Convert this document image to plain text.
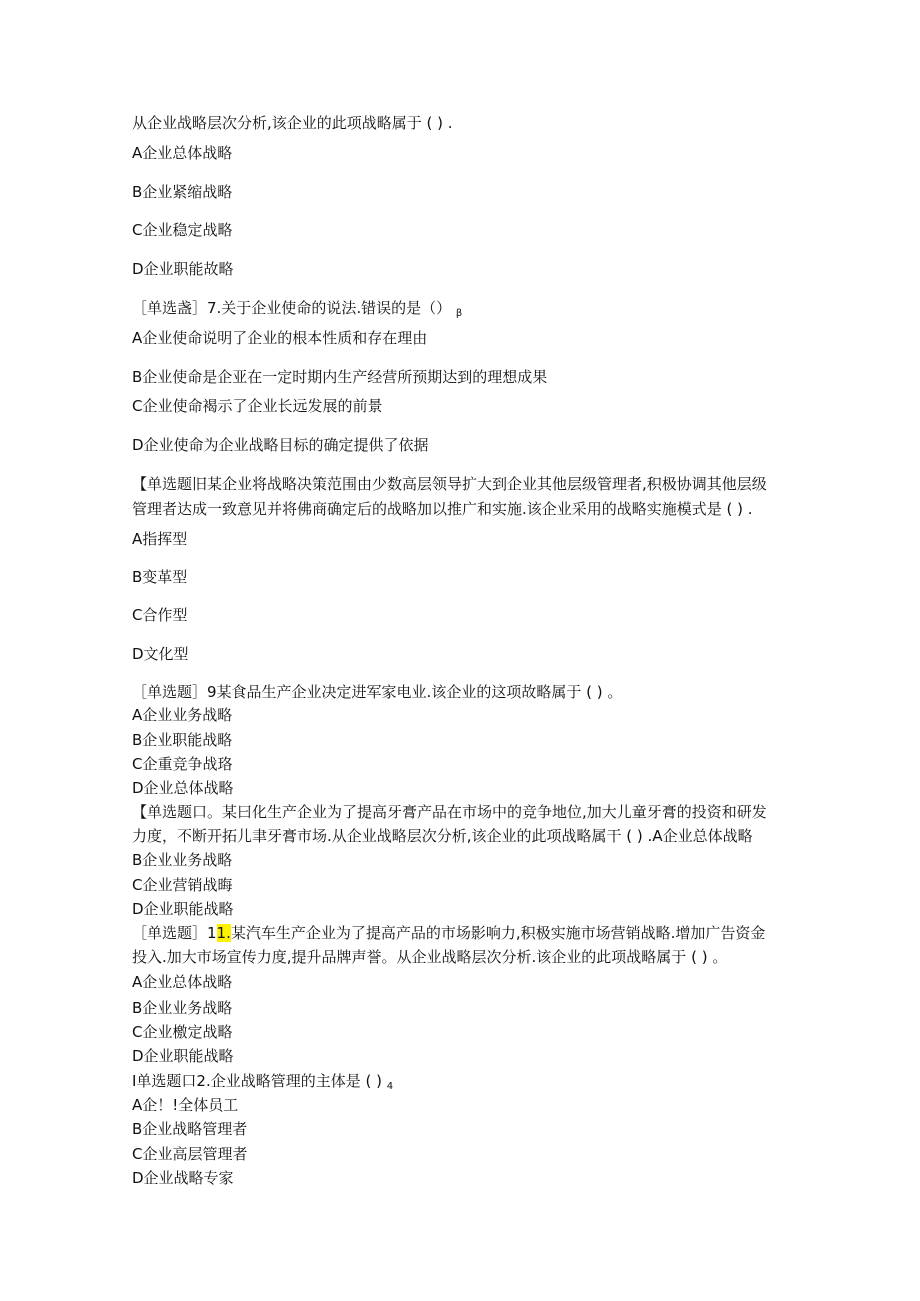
从企业战略层次分析,该企业的此项战略属于 ( ) .
A企业总体战略
B企业紧缩战略
C企业稳定战略
D企业职能故略
［单选盏］7.关于企业使命的说法.错误的是（） $_\beta$
A企业使命说明了企业的根本性质和存在理由
B企业使命是企亚在一定时期内生产经营所预期达到的理想成果
C企业使命褐示了企业长远发展的前景
D企业使命为企业战略目标的确定提供了依据
【单选题旧某企业将战略决策范围由少数高层领导扩大到企业其他层级管理者,积极协调其他层级
管理者达成一致意见并将佛商确定后的战略加以推广和实施.该企业采用的战略实施模式是 ( ) .
A指挥型
B变革型
C合作型
D文化型
［单选题］9某食品生产企业决定进军家电业.该企业的这项故略属于 ( ) 。
A企业业务战略
B企业职能战略
C企重竞争战珞
D企业总体战略
【单选题口。某曰化生产企业为了提高牙膏产品在市场中的竞争地位,加大儿童牙膏的投资和研发
力度，不断开拓儿聿牙膏市场.从企业战略层次分析,该企业的此项战略属干 ( ) .A企业总体战略
B企业业务战略
C企业营销战晦
D企业职能战略
［单选题］11.某汽车生产企业为了提高产品的市场影响力,积极实施市场营销战略.增加广告资金
投入.加大市场宣传力度,提升品牌声誉。从企业战略层次分析.该企业的此项战略属于 ( ) 。
A企业总体战略
B企业业务战略
C企业檄定战略
D企业职能战略
I单选题口2.企业战略管理的主体是 ( ) $_4$
A企！!全体员工
B企业战略管理者
C企业高层管理者
D企业战略专家
